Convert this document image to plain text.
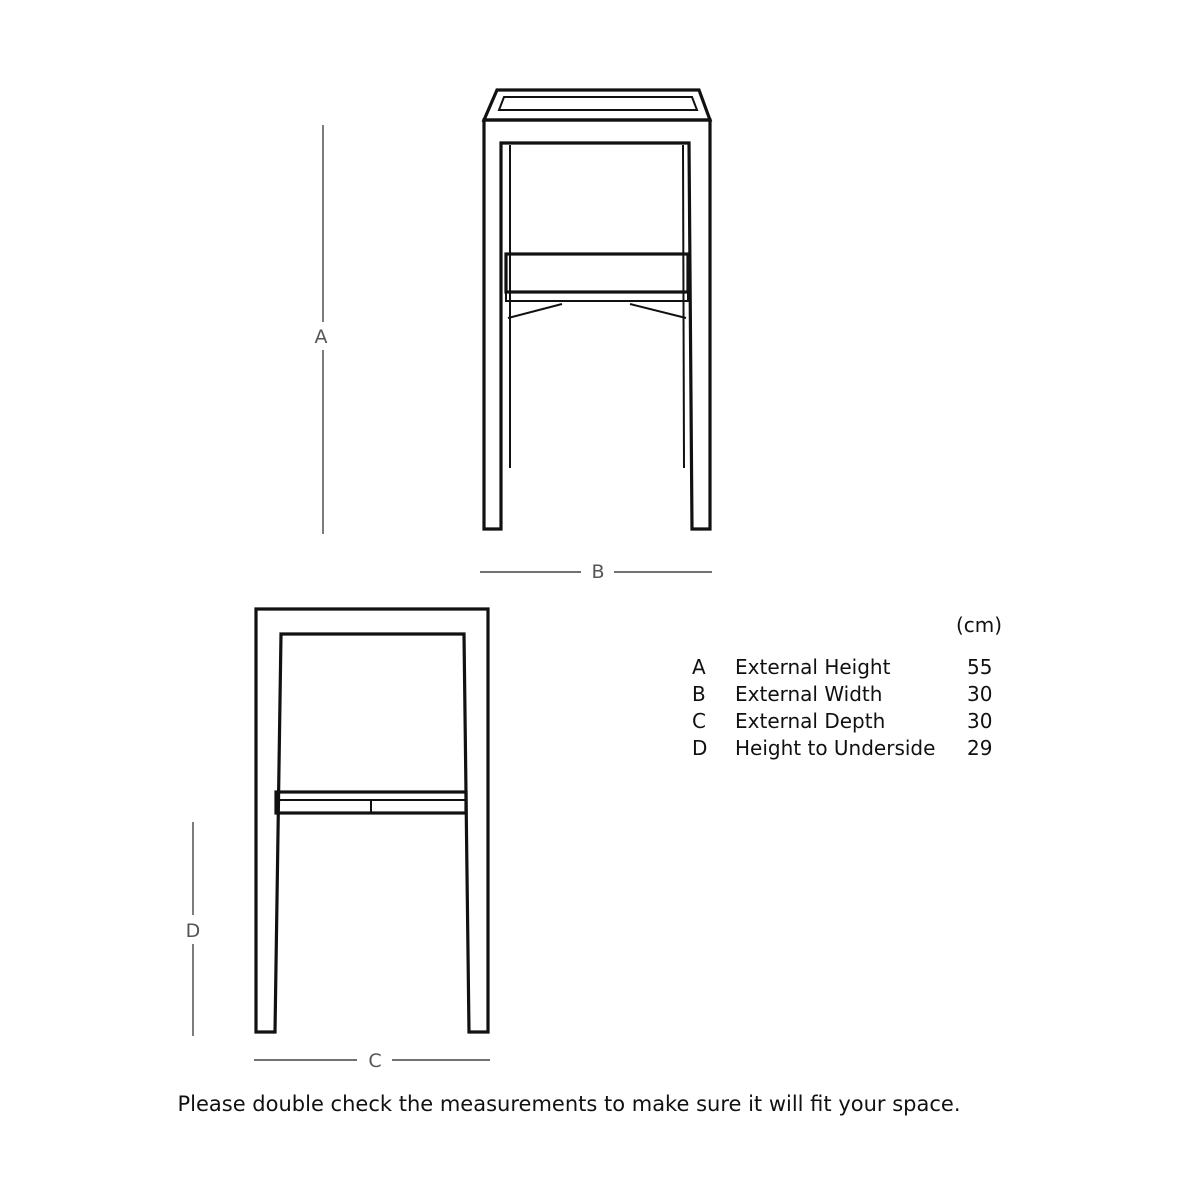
A
B
D
C
(cm)
A External Height	55
B External Width	30
C External Depth	30
D Height to Underside 29
Please double check the measurements to make sure it will fit your space.
